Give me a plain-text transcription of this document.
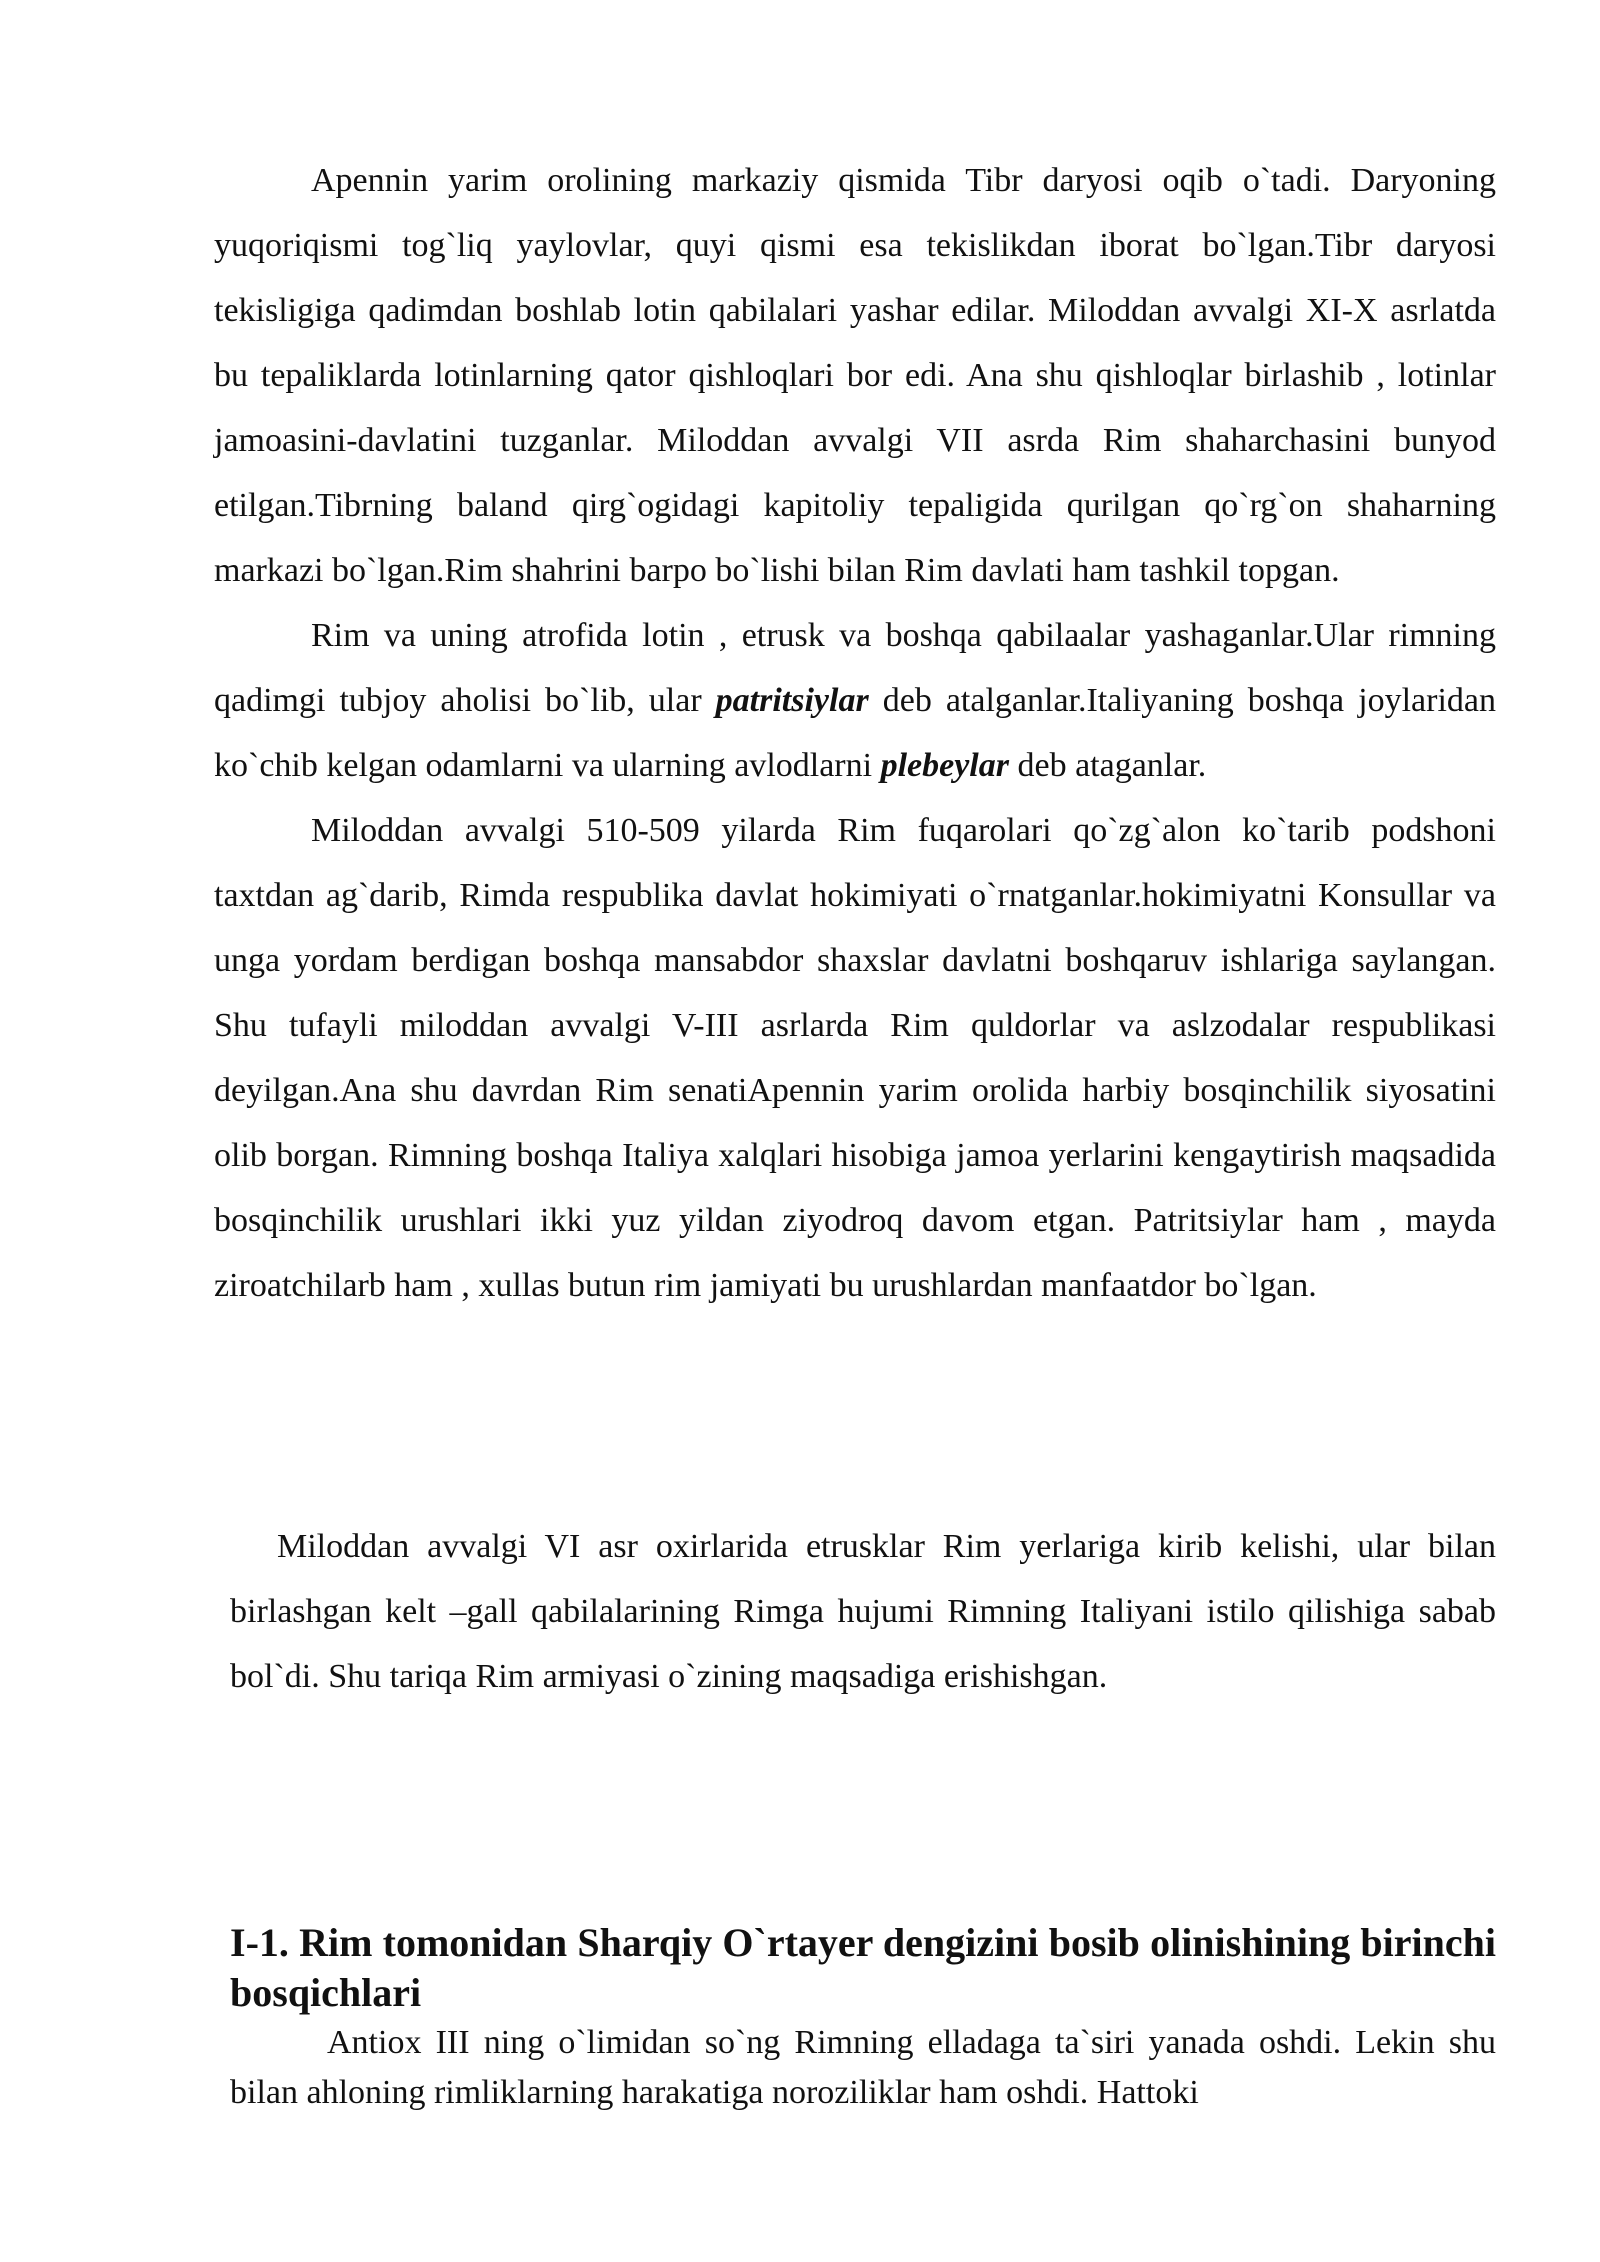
Apennin yarim orolining markaziy qismida Tibr daryosi oqib o`tadi. Daryoning yuqoriqismi tog`liq yaylovlar, quyi qismi esa tekislikdan iborat bo`lgan.Tibr daryosi tekisligiga qadimdan boshlab lotin qabilalari yashar edilar. Miloddan avvalgi XI-X asrlatda bu tepaliklarda lotinlarning qator qishloqlari bor edi. Ana shu qishloqlar birlashib , lotinlar jamoasini-davlatini tuzganlar. Miloddan avvalgi VII asrda Rim shaharchasini bunyod etilgan.Tibrning baland qirg`ogidagi kapitoliy tepaligida qurilgan qo`rg`on shaharning markazi bo`lgan.Rim shahrini barpo bo`lishi bilan Rim davlati ham tashkil topgan.

Rim va uning atrofida lotin , etrusk va boshqa qabilaalar yashaganlar.Ular rimning qadimgi tubjoy aholisi bo`lib, ular patritsiylar deb atalganlar.Italiyaning boshqa joylaridan ko`chib kelgan odamlarni va ularning avlodlarni plebeylar deb ataganlar.

Miloddan avvalgi 510-509 yilarda Rim fuqarolari qo`zg`alon ko`tarib podshoni taxtdan ag`darib, Rimda respublika davlat hokimiyati o`rnatganlar.hokimiyatni Konsullar va unga yordam berdigan boshqa mansabdor shaxslar davlatni boshqaruv ishlariga saylangan. Shu tufayli miloddan avvalgi V-III asrlarda Rim quldorlar va aslzodalar respublikasi deyilgan.Ana shu davrdan Rim senatiApennin yarim orolida harbiy bosqinchilik siyosatini olib borgan. Rimning boshqa Italiya xalqlari hisobiga jamoa yerlarini kengaytirish maqsadida bosqinchilik urushlari ikki yuz yildan ziyodroq davom etgan. Patritsiylar ham , mayda ziroatchilarb ham , xullas butun rim jamiyati bu urushlardan manfaatdor bo`lgan.

Miloddan avvalgi VI asr oxirlarida etrusklar Rim yerlariga kirib kelishi, ular bilan birlashgan kelt –gall qabilalarining Rimga hujumi Rimning Italiyani istilo qilishiga sabab bol`di. Shu tariqa Rim armiyasi o`zining maqsadiga erishishgan.

I-1. Rim tomonidan Sharqiy O`rtayer dengizini bosib olinishining birinchi bosqichlari

Antiox III ning o`limidan so`ng Rimning elladaga ta`siri yanada oshdi. Lekin shu bilan ahloning rimliklarning harakatiga noroziliklar ham oshdi. Hattoki
